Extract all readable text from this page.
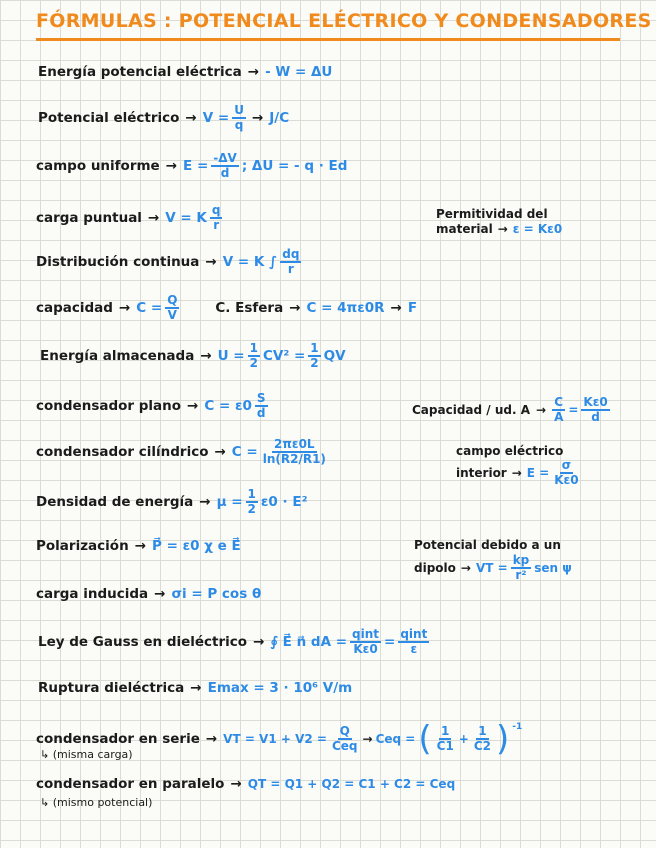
FÓRMULAS : POTENCIAL ELÉCTRICO Y CONDENSADORES
Energía potencial eléctrica → - W = ΔU
Potencial eléctrico → $V = \frac{U}{q} \to J/C$
campo uniforme → $E = \frac{-\Delta V}{d}$ ; ΔU = - q · Ed
carga puntual → V = K $\frac{q}{r}$	Permitividad del
material → ε = Kε0
Distribución continua → V = K ∫ $\frac{dq}{r}$
capacidad → $C = \frac{Q}{V}$	C. Esfera → C = 4πε0R → F
Energía almacenada → $U = \frac{1}{2} CV^2 = \frac{1}{2}$ QV
condensador plano → $C = \varepsilon 0 \frac{S}{d}$	Capacidad / ud. $A \to \frac{C}{A} = \frac{K\varepsilon 0}{d}$
condensador cilíndrico → $C = \frac{2\pi\varepsilon 0L}{\ln(R2/R1)}$	campo eléctrico
interior → $E = \frac{\sigma}{K\varepsilon 0}$
Densidad de energía → $\mu = \frac{1}{2} \varepsilon 0 \cdot E^2$
Polarización → P⃗ = ε0 χ e E⃗	Potencial debido a un
dipolo → VT = $\frac{kp}{\text{r²}}$ sen ψ
carga inducida → σi = P cos θ
Ley de Gauss en dieléctrico → ∮ E⃗ n⃗ dA = $\frac{\text{qint}}{K\varepsilon 0} = \frac{\text{qint}}{\varepsilon}$
Ruptura dieléctrica → Emax = 3 · 10⁶ V/m
condensador en serie → VT = $V1 + V2 = \frac{Q}{\text{Ceq}}$ → Ceq = ( $\frac{1}{C1} + \frac{1}{C2}$ ) $^{-1}$
↳ (misma carga)
condensador en paralelo → QT = Q1 + Q2 = C1 + C2 = Ceq
↳ (mismo potencial)
